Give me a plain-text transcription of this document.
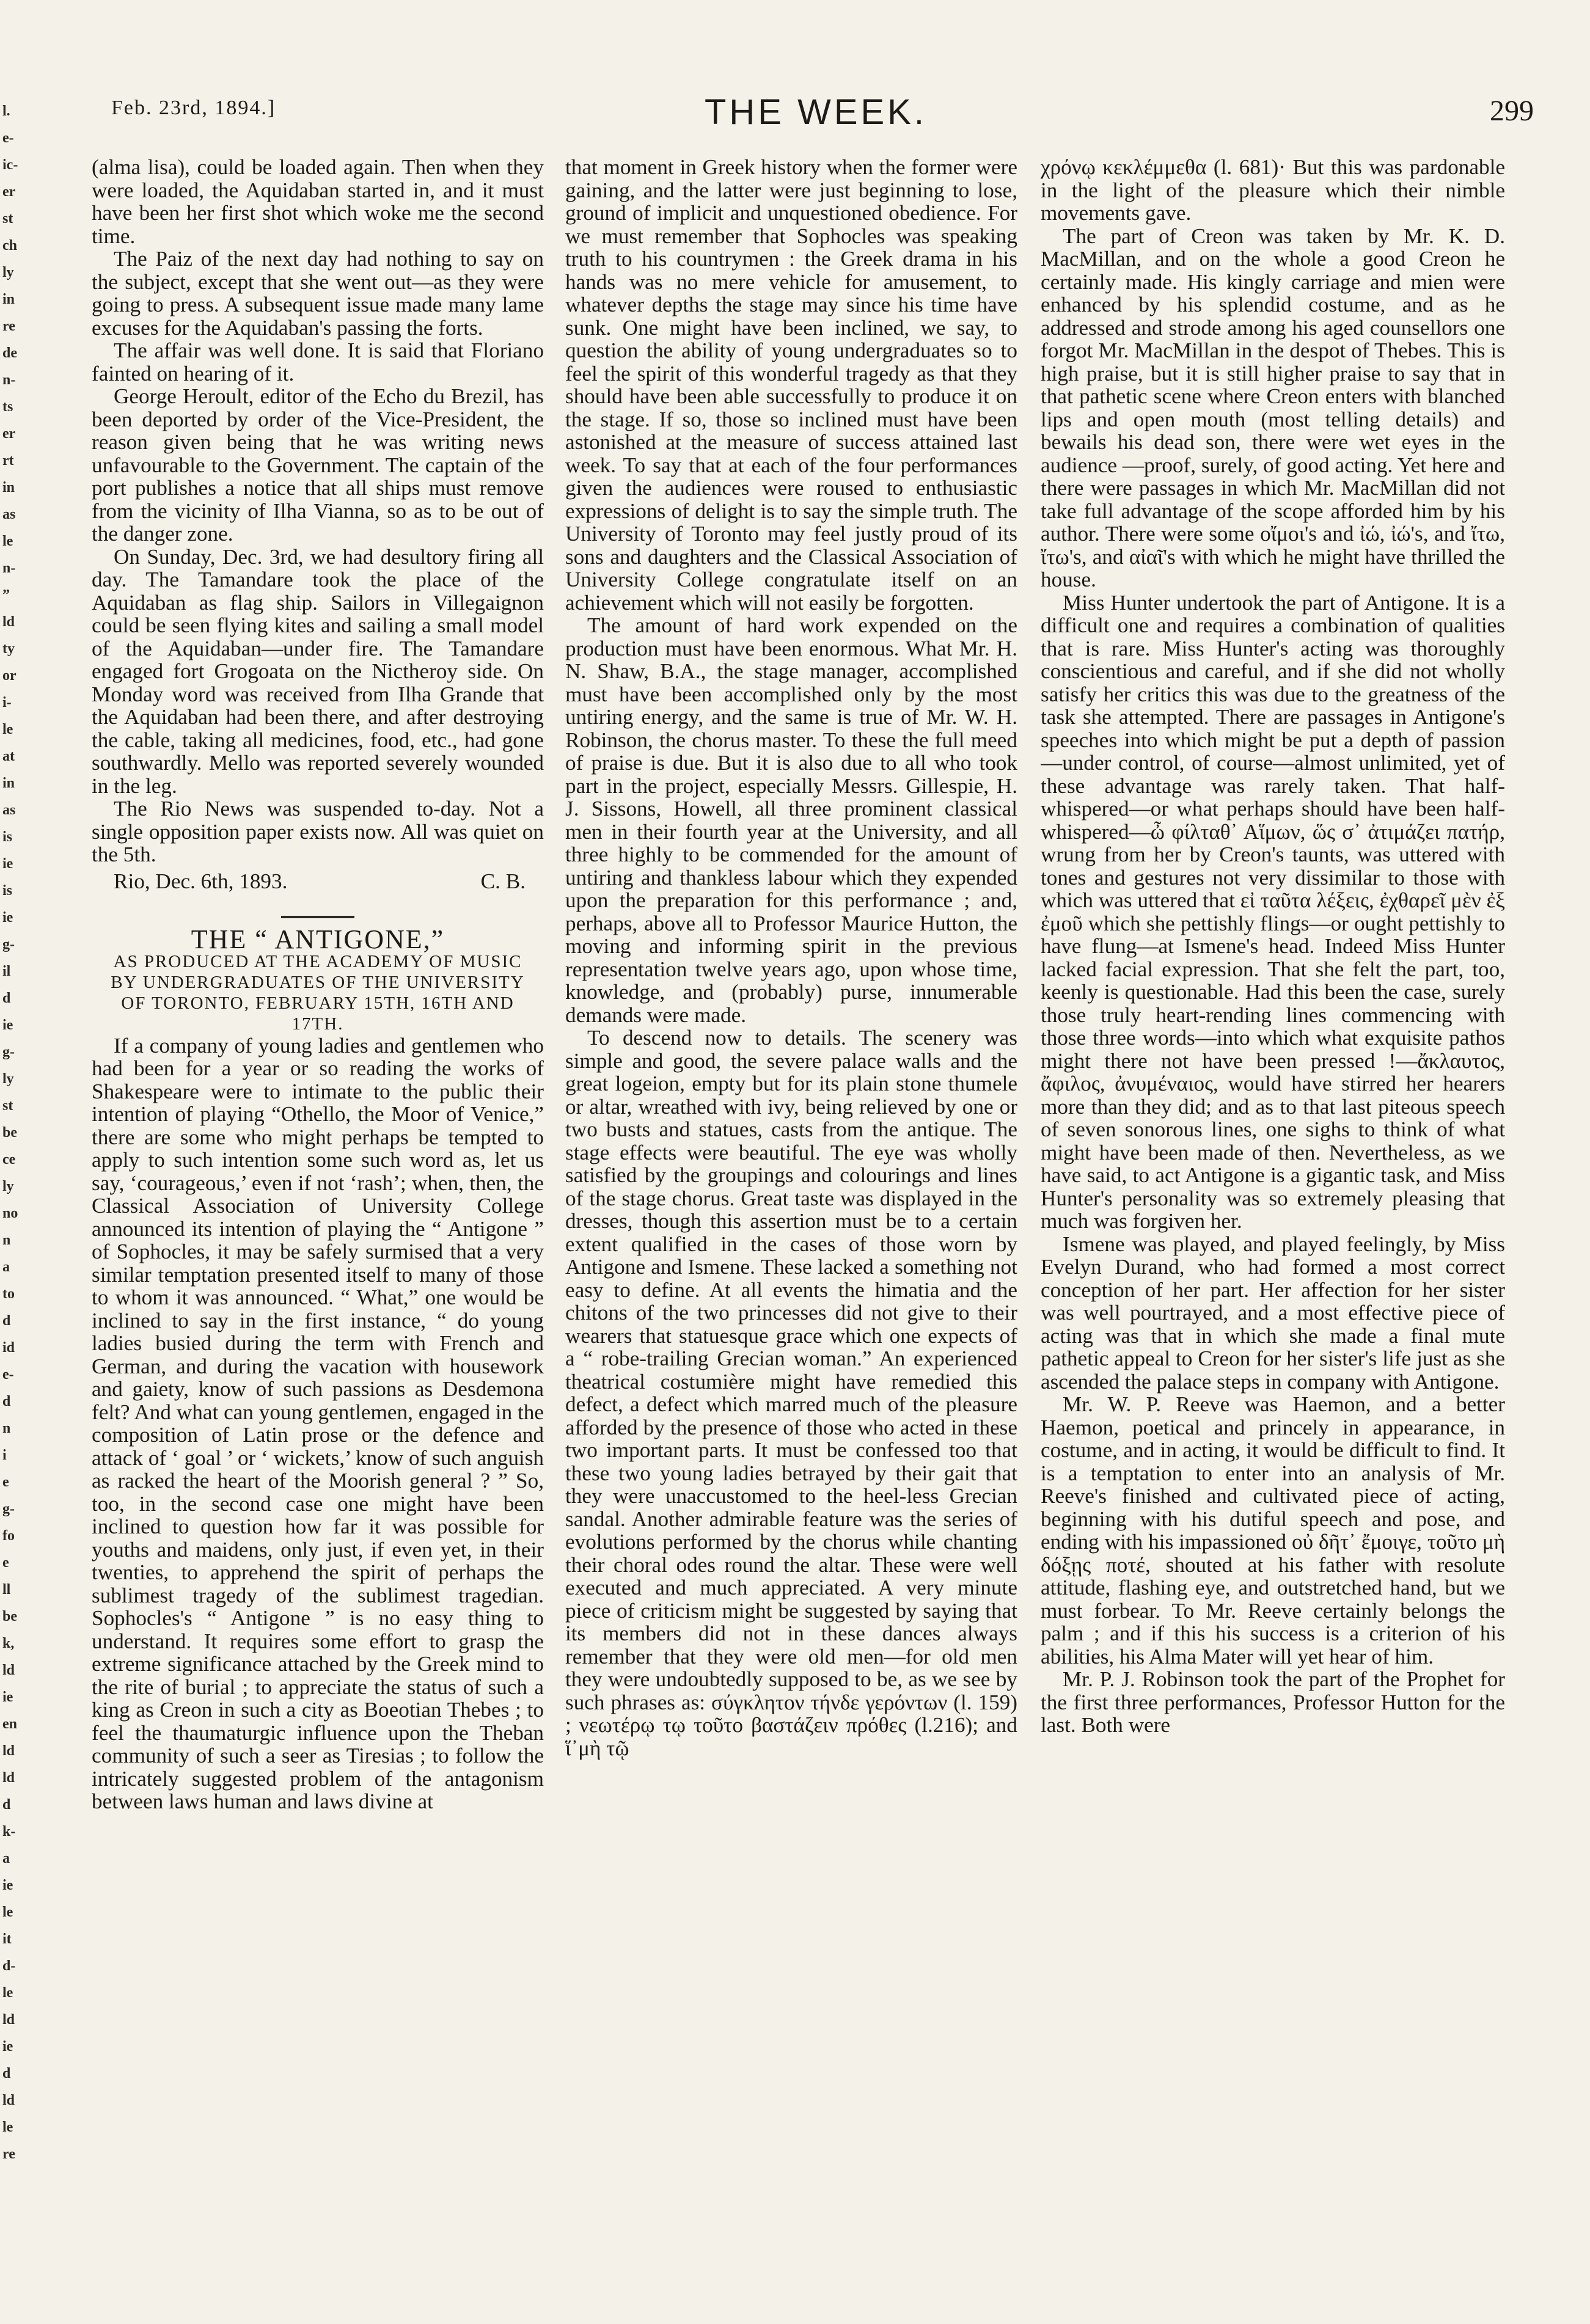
l.
e-
ic-
er
st
ch
ly
in
re
de
n-
ts
er
rt
in
as
le
n-
”
ld
ty
or
i-
le
at
in
as
is
ie
is
ie
g-
il
d
ie
g-
ly
st
be
ce
ly
no
n
a
to
d
id
e-
d
n
i
e
g-
fo
e
ll
be
k,
ld
ie
en
ld
ld
d
k-
a
ie
le
it
d-
le
ld
ie
d
ld
le
re
Feb. 23rd, 1894.]	THE WEEK.	299

(alma lisa), could be loaded again. Then when they were loaded, the Aquidaban started in, and it must have been her first shot which woke me the second time.

The Paiz of the next day had nothing to say on the subject, except that she went out—as they were going to press. A subsequent issue made many lame excuses for the Aquidaban's passing the forts.

The affair was well done. It is said that Floriano fainted on hearing of it.

George Heroult, editor of the Echo du Brezil, has been deported by order of the Vice-President, the reason given being that he was writing news unfavourable to the Government. The captain of the port publishes a notice that all ships must remove from the vicinity of Ilha Vianna, so as to be out of the danger zone.

On Sunday, Dec. 3rd, we had desultory firing all day. The Tamandare took the place of the Aquidaban as flag ship. Sailors in Villegaignon could be seen flying kites and sailing a small model of the Aquidaban—under fire. The Tamandare engaged fort Grogoata on the Nictheroy side. On Monday word was received from Ilha Grande that the Aquidaban had been there, and after destroying the cable, taking all medicines, food, etc., had gone southwardly. Mello was reported severely wounded in the leg.

The Rio News was suspended to-day. Not a single opposition paper exists now. All was quiet on the 5th.

Rio, Dec. 6th, 1893.	C. B.

THE “ ANTIGONE,”

AS PRODUCED AT THE ACADEMY OF MUSIC BY UNDERGRADUATES OF THE UNIVERSITY OF TORONTO, FEBRUARY 15TH, 16TH AND 17TH.

If a company of young ladies and gentlemen who had been for a year or so reading the works of Shakespeare were to intimate to the public their intention of playing “Othello, the Moor of Venice,” there are some who might perhaps be tempted to apply to such intention some such word as, let us say, ‘courageous,’ even if not ‘rash’; when, then, the Classical Association of University College announced its intention of playing the “ Antigone ” of Sophocles, it may be safely surmised that a very similar temptation presented itself to many of those to whom it was announced. “ What,” one would be inclined to say in the first instance, “ do young ladies busied during the term with French and German, and during the vacation with housework and gaiety, know of such passions as Desdemona felt? And what can young gentlemen, engaged in the composition of Latin prose or the defence and attack of ‘ goal ’ or ‘ wickets,’ know of such anguish as racked the heart of the Moorish general ? ” So, too, in the second case one might have been inclined to question how far it was possible for youths and maidens, only just, if even yet, in their twenties, to apprehend the spirit of perhaps the sublimest tragedy of the sublimest tragedian. Sophocles's “ Antigone ” is no easy thing to understand. It requires some effort to grasp the extreme significance attached by the Greek mind to the rite of burial ; to appreciate the status of such a king as Creon in such a city as Boeotian Thebes ; to feel the thaumaturgic influence upon the Theban community of such a seer as Tiresias ; to follow the intricately suggested problem of the antagonism between laws human and laws divine at

that moment in Greek history when the former were gaining, and the latter were just beginning to lose, ground of implicit and unquestioned obedience. For we must remember that Sophocles was speaking truth to his countrymen : the Greek drama in his hands was no mere vehicle for amusement, to whatever depths the stage may since his time have sunk. One might have been inclined, we say, to question the ability of young undergraduates so to feel the spirit of this wonderful tragedy as that they should have been able successfully to produce it on the stage. If so, those so inclined must have been astonished at the measure of success attained last week. To say that at each of the four performances given the audiences were roused to enthusiastic expressions of delight is to say the simple truth. The University of Toronto may feel justly proud of its sons and daughters and the Classical Association of University College congratulate itself on an achievement which will not easily be forgotten.

The amount of hard work expended on the production must have been enormous. What Mr. H. N. Shaw, B.A., the stage manager, accomplished must have been accomplished only by the most untiring energy, and the same is true of Mr. W. H. Robinson, the chorus master. To these the full meed of praise is due. But it is also due to all who took part in the project, especially Messrs. Gillespie, H. J. Sissons, Howell, all three prominent classical men in their fourth year at the University, and all three highly to be commended for the amount of untiring and thankless labour which they expended upon the preparation for this performance ; and, perhaps, above all to Professor Maurice Hutton, the moving and informing spirit in the previous representation twelve years ago, upon whose time, knowledge, and (probably) purse, innumerable demands were made.

To descend now to details. The scenery was simple and good, the severe palace walls and the great logeion, empty but for its plain stone thumele or altar, wreathed with ivy, being relieved by one or two busts and statues, casts from the antique. The stage effects were beautiful. The eye was wholly satisfied by the groupings and colourings and lines of the stage chorus. Great taste was displayed in the dresses, though this assertion must be to a certain extent qualified in the cases of those worn by Antigone and Ismene. These lacked a something not easy to define. At all events the himatia and the chitons of the two princesses did not give to their wearers that statuesque grace which one expects of a “ robe-trailing Grecian woman.” An experienced theatrical costumière might have remedied this defect, a defect which marred much of the pleasure afforded by the presence of those who acted in these two important parts. It must be confessed too that these two young ladies betrayed by their gait that they were unaccustomed to the heel-less Grecian sandal. Another admirable feature was the series of evolutions performed by the chorus while chanting their choral odes round the altar. These were well executed and much appreciated. A very minute piece of criticism might be suggested by saying that its members did not in these dances always remember that they were old men—for old men they were undoubtedly supposed to be, as we see by such phrases as: σύγκλητον τήνδε γερόντων (l. 159) ; νεωτέρῳ τῳ τοῦτο βαστάζειν πρόθες (l.216); and ἵ᾽μὴ τῷ

χρόνῳ κεκλέμμεθα (l. 681)· But this was pardonable in the light of the pleasure which their nimble movements gave.

The part of Creon was taken by Mr. K. D. MacMillan, and on the whole a good Creon he certainly made. His kingly carriage and mien were enhanced by his splendid costume, and as he addressed and strode among his aged counsellors one forgot Mr. MacMillan in the despot of Thebes. This is high praise, but it is still higher praise to say that in that pathetic scene where Creon enters with blanched lips and open mouth (most telling details) and bewails his dead son, there were wet eyes in the audience —proof, surely, of good acting. Yet here and there were passages in which Mr. MacMillan did not take full advantage of the scope afforded him by his author. There were some οἴμοι's and ἰώ, ἰώ's, and ἴτω, ἴτω's, and αἰαῖ's with which he might have thrilled the house.

Miss Hunter undertook the part of Antigone. It is a difficult one and requires a combination of qualities that is rare. Miss Hunter's acting was thoroughly conscientious and careful, and if she did not wholly satisfy her critics this was due to the greatness of the task she attempted. There are passages in Antigone's speeches into which might be put a depth of passion—under control, of course—almost unlimited, yet of these advantage was rarely taken. That half-whispered—or what perhaps should have been half-whispered—ὦ φίλταθ᾽ Αἵμων, ὥς σ᾽ ἀτιμάζει πατήρ, wrung from her by Creon's taunts, was uttered with tones and gestures not very dissimilar to those with which was uttered that εἰ ταῦτα λέξεις, ἐχθαρεῖ μὲν ἐξ ἐμοῦ which she pettishly flings—or ought pettishly to have flung—at Ismene's head. Indeed Miss Hunter lacked facial expression. That she felt the part, too, keenly is questionable. Had this been the case, surely those truly heart-rending lines commencing with those three words—into which what exquisite pathos might there not have been pressed !—ἄκλαυτος, ἄφιλος, ἀνυμέναιος, would have stirred her hearers more than they did; and as to that last piteous speech of seven sonorous lines, one sighs to think of what might have been made of then. Nevertheless, as we have said, to act Antigone is a gigantic task, and Miss Hunter's personality was so extremely pleasing that much was forgiven her.

Ismene was played, and played feelingly, by Miss Evelyn Durand, who had formed a most correct conception of her part. Her affection for her sister was well pourtrayed, and a most effective piece of acting was that in which she made a final mute pathetic appeal to Creon for her sister's life just as she ascended the palace steps in company with Antigone.

Mr. W. P. Reeve was Haemon, and a better Haemon, poetical and princely in appearance, in costume, and in acting, it would be difficult to find. It is a temptation to enter into an analysis of Mr. Reeve's finished and cultivated piece of acting, beginning with his dutiful speech and pose, and ending with his impassioned οὐ δῆτ᾽ ἔμοιγε, τοῦτο μὴ δόξῃς ποτέ, shouted at his father with resolute attitude, flashing eye, and outstretched hand, but we must forbear. To Mr. Reeve certainly belongs the palm ; and if this his success is a criterion of his abilities, his Alma Mater will yet hear of him.

Mr. P. J. Robinson took the part of the Prophet for the first three performances, Professor Hutton for the last. Both were
